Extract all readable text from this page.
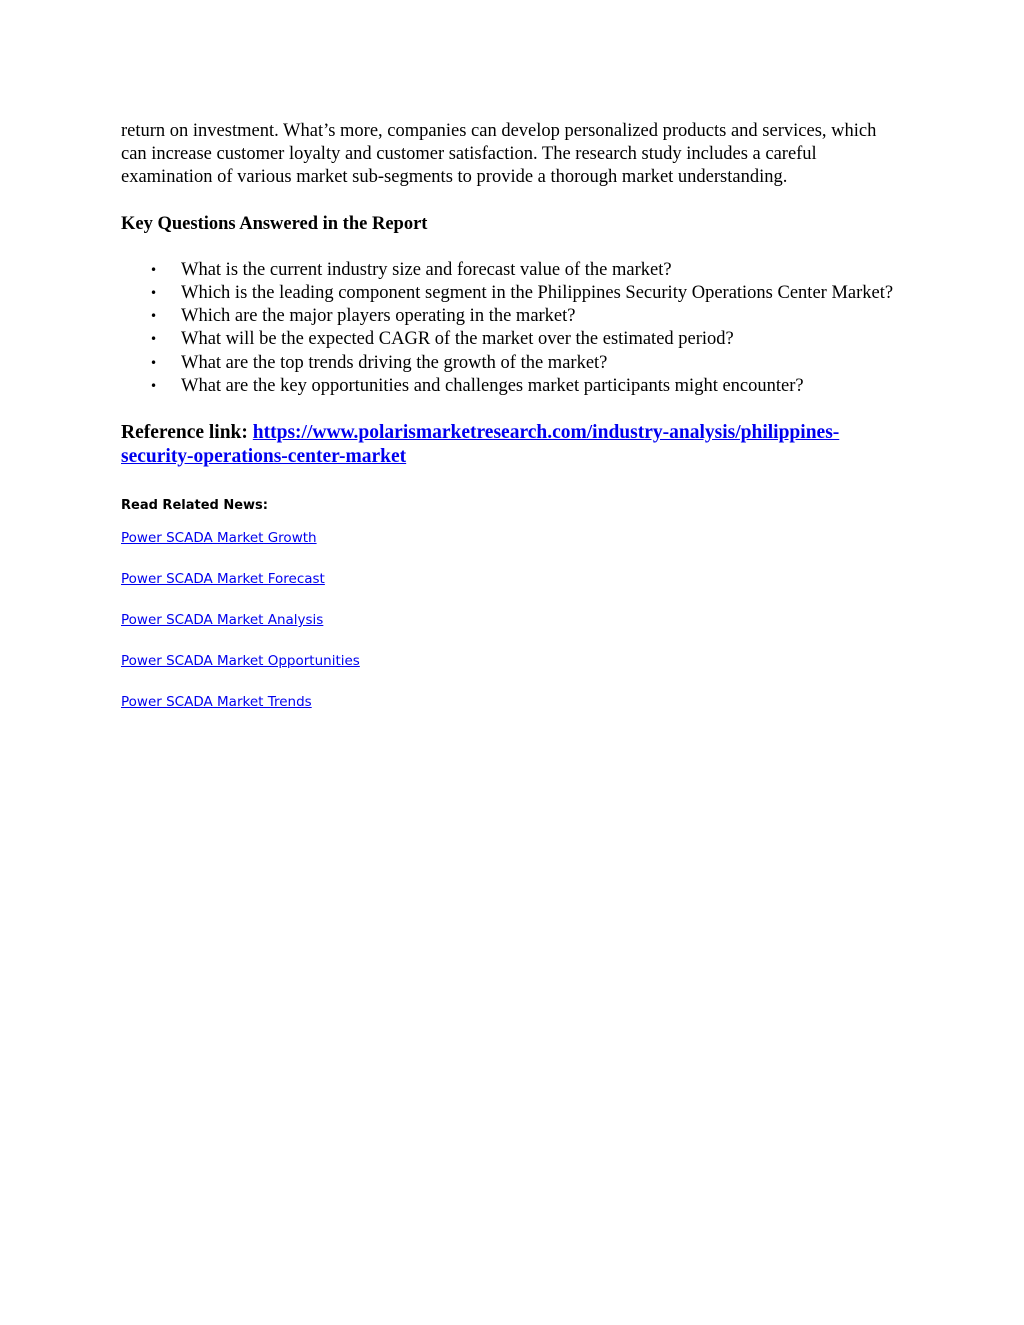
return on investment. What’s more, companies can develop personalized products and services, which can increase customer loyalty and customer satisfaction. The research study includes a careful examination of various market sub-segments to provide a thorough market understanding.

Key Questions Answered in the Report
• What is the current industry size and forecast value of the market?
• Which is the leading component segment in the Philippines Security Operations Center Market?
• Which are the major players operating in the market?
• What will be the expected CAGR of the market over the estimated period?
• What are the top trends driving the growth of the market?
• What are the key opportunities and challenges market participants might encounter?

Reference link: https://www.polarismarketresearch.com/industry-analysis/philippines-security-operations-center-market

Read Related News:

Power SCADA Market Growth
Power SCADA Market Forecast
Power SCADA Market Analysis
Power SCADA Market Opportunities
Power SCADA Market Trends
